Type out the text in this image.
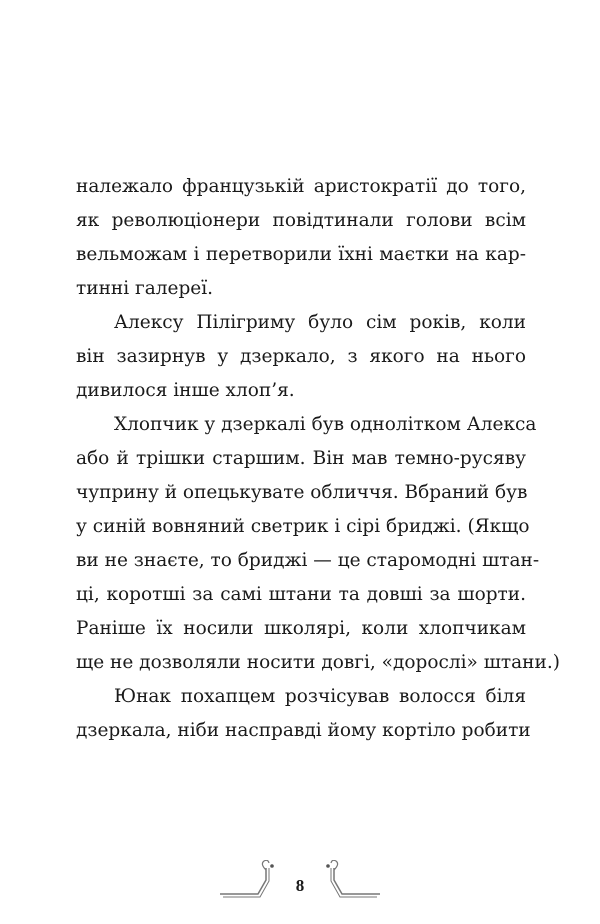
належало французькій аристократії до того,
як революціонери повідтинали голови всім
вельможам і перетворили їхні маєтки на кар-
тинні галереї.
Алексу Пілігриму було сім років, коли
він зазирнув у дзеркало, з якого на нього
дивилося інше хлоп’я.
Хлопчик у дзеркалі був однолітком Алекса
або й трішки старшим. Він мав темно-русяву
чуприну й опецькувате обличчя. Вбраний був
у синій вовняний светрик і сірі бриджі. (Якщо
ви не знаєте, то бриджі — це старомодні штан-
ці, коротші за самі штани та довші за шорти.
Раніше їх носили школярі, коли хлопчикам
ще не дозволяли носити довгі, «дорослі» штани.)
Юнак похапцем розчісував волосся біля
дзеркала, ніби насправді йому кортіло робити
8
